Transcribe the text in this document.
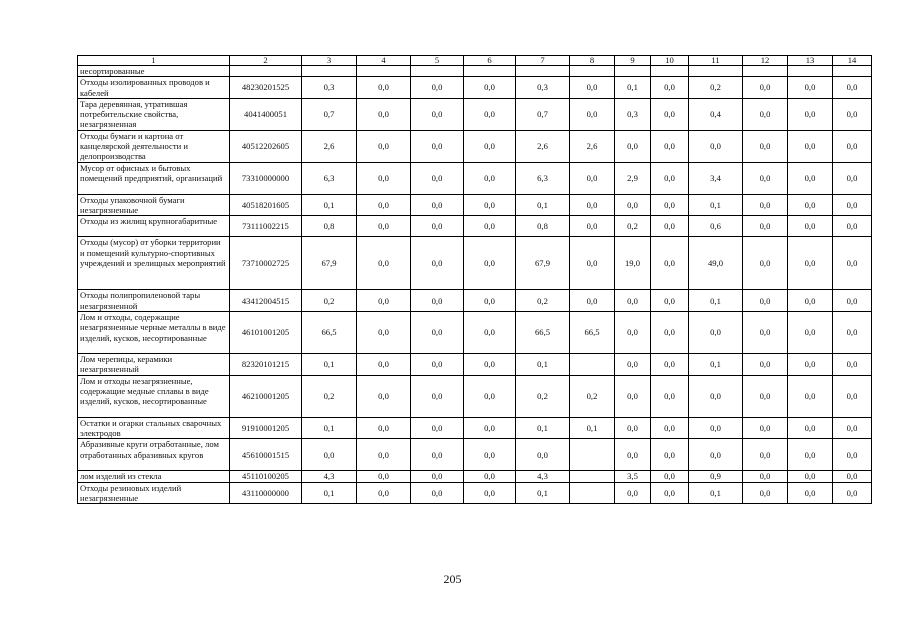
1	2	3	4	5	6	7	8	9	10	11	12	13	14
несортированные													
Отходы изолированных проводов и кабелей	48230201525	0,3	0,0	0,0	0,0	0,3	0,0	0,1	0,0	0,2	0,0	0,0	0,0
Тара деревянная, утратившая потребительские свойства, незагрязненная	4041400051	0,7	0,0	0,0	0,0	0,7	0,0	0,3	0,0	0,4	0,0	0,0	0,0
Отходы бумаги и картона от канцелярской деятельности и делопроизводства	40512202605	2,6	0,0	0,0	0,0	2,6	2,6	0,0	0,0	0,0	0,0	0,0	0,0
Мусор от офисных и бытовых помещений предприятий, организаций	73310000000	6,3	0,0	0,0	0,0	6,3	0,0	2,9	0,0	3,4	0,0	0,0	0,0
Отходы упаковочной бумаги незагрязненные	40518201605	0,1	0,0	0,0	0,0	0,1	0,0	0,0	0,0	0,1	0,0	0,0	0,0
Отходы из жилищ крупногабаритные	73111002215	0,8	0,0	0,0	0,0	0,8	0,0	0,2	0,0	0,6	0,0	0,0	0,0
Отходы (мусор) от уборки территории и помещений культурно-спортивных учреждений и зрелищных мероприятий	73710002725	67,9	0,0	0,0	0,0	67,9	0,0	19,0	0,0	49,0	0,0	0,0	0,0
Отходы полипропиленовой тары незагрязненной	43412004515	0,2	0,0	0,0	0,0	0,2	0,0	0,0	0,0	0,1	0,0	0,0	0,0
Лом и отходы, содержащие незагрязненные черные металлы в виде изделий, кусков, несортированные	46101001205	66,5	0,0	0,0	0,0	66,5	66,5	0,0	0,0	0,0	0,0	0,0	0,0
Лом черепицы, керамики незагрязненный	82320101215	0,1	0,0	0,0	0,0	0,1		0,0	0,0	0,1	0,0	0,0	0,0
Лом и отходы незагрязненные, содержащие медные сплавы в виде изделий, кусков, несортированные	46210001205	0,2	0,0	0,0	0,0	0,2	0,2	0,0	0,0	0,0	0,0	0,0	0,0
Остатки и огарки стальных сварочных электродов	91910001205	0,1	0,0	0,0	0,0	0,1	0,1	0,0	0,0	0,0	0,0	0,0	0,0
Абразивные круги отработанные, лом отработанных абразивных кругов	45610001515	0,0	0,0	0,0	0,0	0,0		0,0	0,0	0,0	0,0	0,0	0,0
лом изделий из стекла	45110100205	4,3	0,0	0,0	0,0	4,3		3,5	0,0	0,9	0,0	0,0	0,0
Отходы резиновых изделий незагрязненные	43110000000	0,1	0,0	0,0	0,0	0,1		0,0	0,0	0,1	0,0	0,0	0,0
205
